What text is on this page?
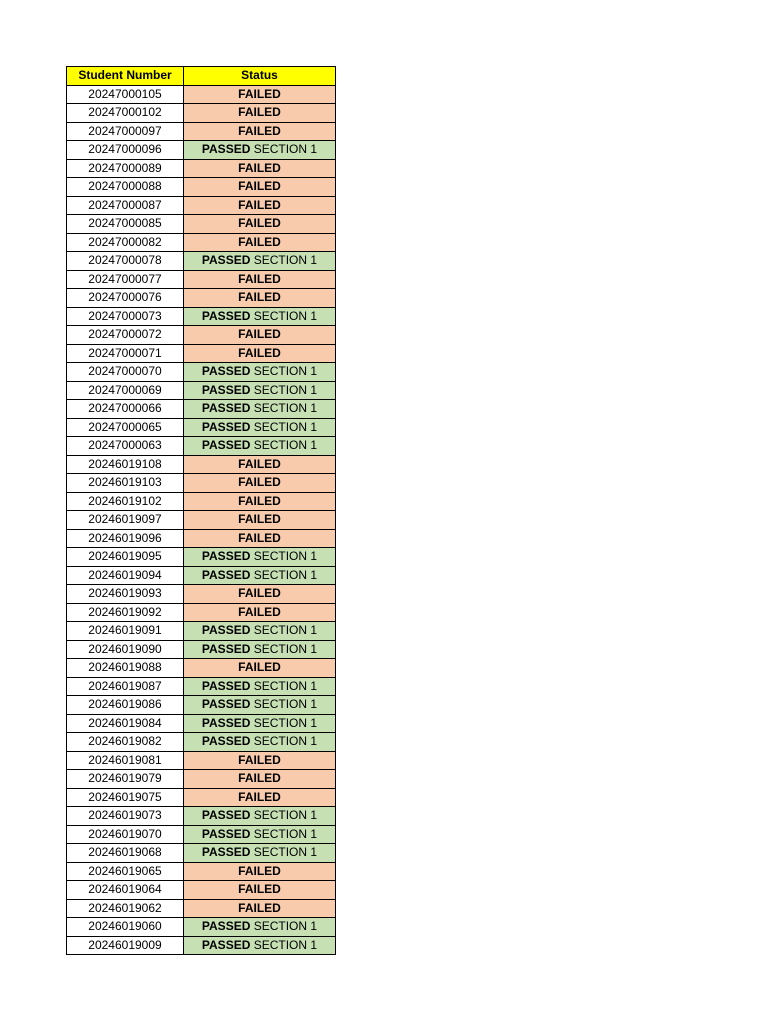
Student Number	Status
20247000105	FAILED
20247000102	FAILED
20247000097	FAILED
20247000096	PASSED SECTION 1
20247000089	FAILED
20247000088	FAILED
20247000087	FAILED
20247000085	FAILED
20247000082	FAILED
20247000078	PASSED SECTION 1
20247000077	FAILED
20247000076	FAILED
20247000073	PASSED SECTION 1
20247000072	FAILED
20247000071	FAILED
20247000070	PASSED SECTION 1
20247000069	PASSED SECTION 1
20247000066	PASSED SECTION 1
20247000065	PASSED SECTION 1
20247000063	PASSED SECTION 1
20246019108	FAILED
20246019103	FAILED
20246019102	FAILED
20246019097	FAILED
20246019096	FAILED
20246019095	PASSED SECTION 1
20246019094	PASSED SECTION 1
20246019093	FAILED
20246019092	FAILED
20246019091	PASSED SECTION 1
20246019090	PASSED SECTION 1
20246019088	FAILED
20246019087	PASSED SECTION 1
20246019086	PASSED SECTION 1
20246019084	PASSED SECTION 1
20246019082	PASSED SECTION 1
20246019081	FAILED
20246019079	FAILED
20246019075	FAILED
20246019073	PASSED SECTION 1
20246019070	PASSED SECTION 1
20246019068	PASSED SECTION 1
20246019065	FAILED
20246019064	FAILED
20246019062	FAILED
20246019060	PASSED SECTION 1
20246019009	PASSED SECTION 1
